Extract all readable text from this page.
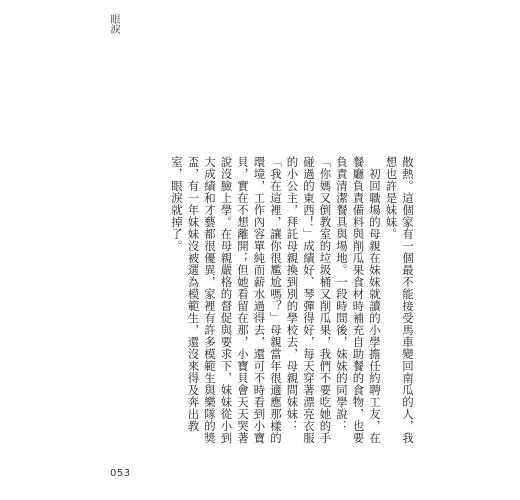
眼淚

散熱。這個家有一個最不能接受馬車變回南瓜的人，我想也許是妹妹。

　初回職場的母親在妹妹就讀的小學擔任約聘工友，在餐廳負責備料與削瓜果食材時補充自助餐的食物，也要負責清潔餐具與場地。一段時間後，妹妹的同學說：「你媽又倒教室的垃圾桶又削瓜果，我們不要吃她的手碰過的東西！」成績好、琴彈得好，每天穿著漂亮衣服的小公主，拜託母親換到別的學校去，母親問妹妹：「我在這裡，讓你很尷尬嗎？」母親當年很適應那樣的環境，工作內容單純而薪水過得去，還可不時看到小寶貝，實在不想離開；但她看留在那，小寶貝會天天哭著說沒臉上學。在母親嚴格的督促與要求下，妹妹從小到大成績和才藝都很優異，家裡有許多模範生與樂隊的獎盃，有一年妹妹沒被選為模範生，還沒來得及奔出教室，眼淚就掉了。

053
